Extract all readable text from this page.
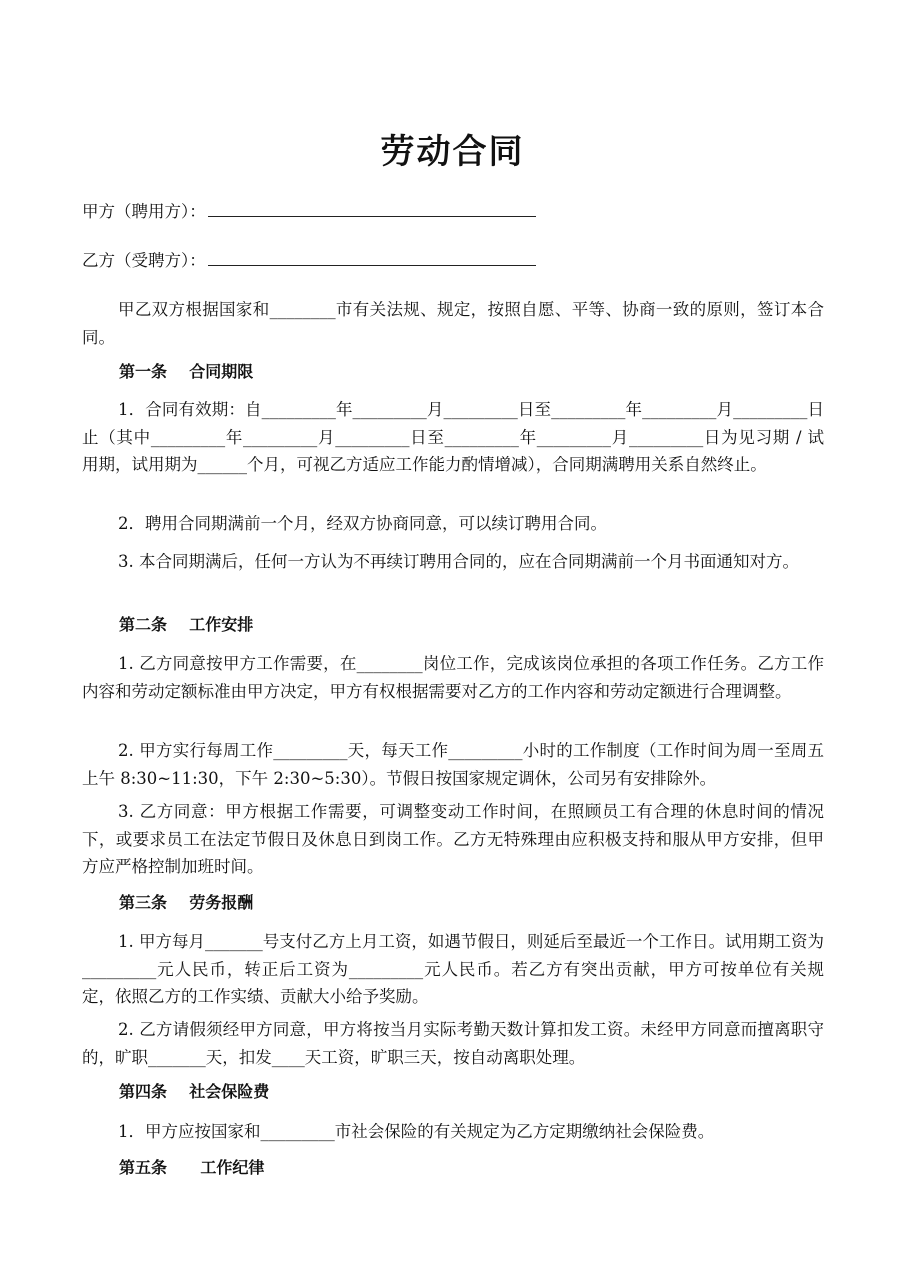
劳动合同
甲方（聘用方）：
乙方（受聘方）：

甲乙双方根据国家和________市有关法规、规定，按照自愿、平等、协商一致的原则，签订本合同。

第一条    合同期限

1．合同有效期：自_________年_________月_________日至_________年_________月_________日止（其中_________年_________月_________日至_________年_________月_________日为见习期 / 试用期，试用期为______个月，可视乙方适应工作能力酌情增减），合同期满聘用关系自然终止。

2．聘用合同期满前一个月，经双方协商同意，可以续订聘用合同。

3. 本合同期满后，任何一方认为不再续订聘用合同的，应在合同期满前一个月书面通知对方。

第二条    工作安排

1. 乙方同意按甲方工作需要，在________岗位工作，完成该岗位承担的各项工作任务。乙方工作内容和劳动定额标准由甲方决定，甲方有权根据需要对乙方的工作内容和劳动定额进行合理调整。

2. 甲方实行每周工作_________天，每天工作_________小时的工作制度（工作时间为周一至周五上午 8:30~11:30，下午 2:30~5:30）。节假日按国家规定调休，公司另有安排除外。

3. 乙方同意：甲方根据工作需要，可调整变动工作时间，在照顾员工有合理的休息时间的情况下，或要求员工在法定节假日及休息日到岗工作。乙方无特殊理由应积极支持和服从甲方安排，但甲方应严格控制加班时间。

第三条    劳务报酬

1. 甲方每月_______号支付乙方上月工资，如遇节假日，则延后至最近一个工作日。试用期工资为_________元人民币，转正后工资为_________元人民币。若乙方有突出贡献，甲方可按单位有关规定，依照乙方的工作实绩、贡献大小给予奖励。

2. 乙方请假须经甲方同意，甲方将按当月实际考勤天数计算扣发工资。未经甲方同意而擅离职守的，旷职_______天，扣发____天工资，旷职三天，按自动离职处理。

第四条    社会保险费

1．甲方应按国家和_________市社会保险的有关规定为乙方定期缴纳社会保险费。

第五条      工作纪律
